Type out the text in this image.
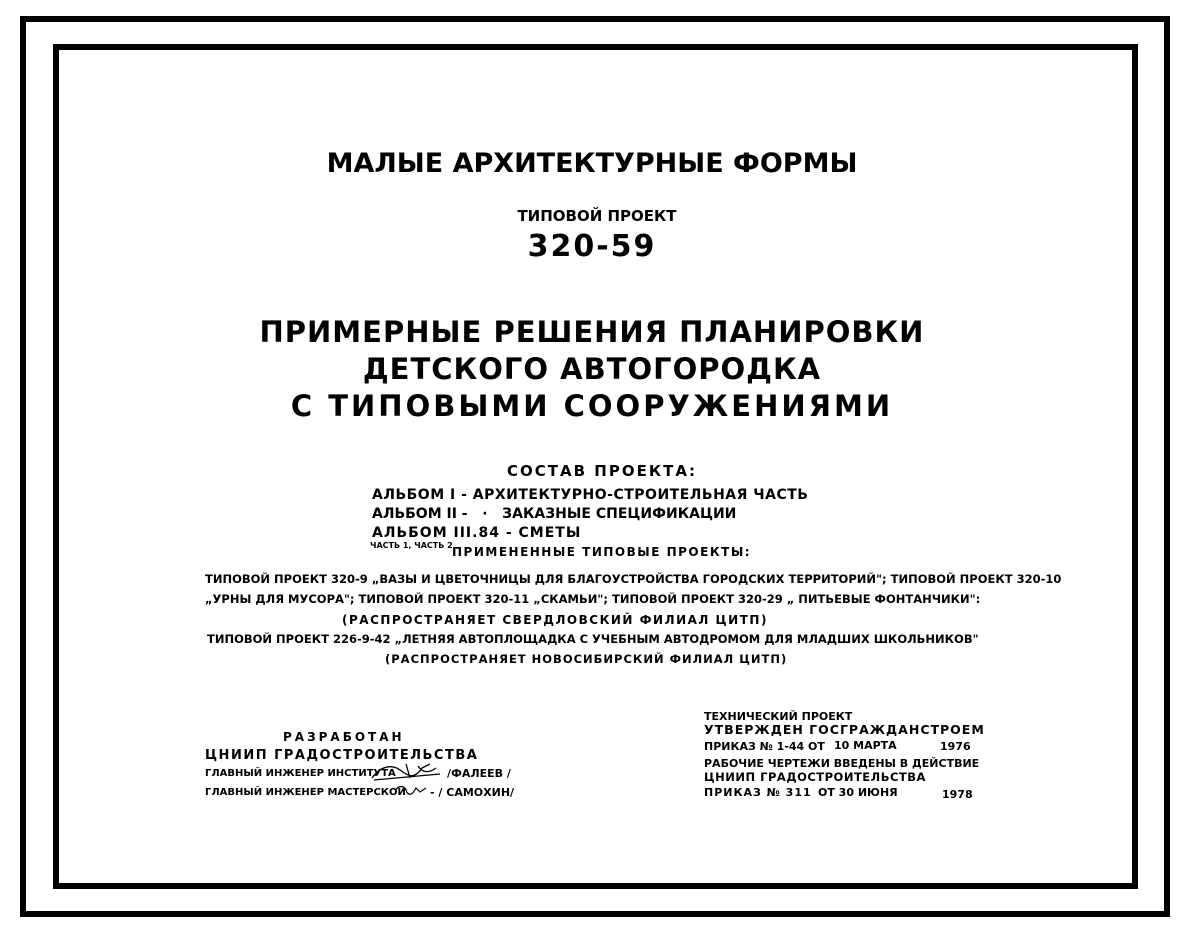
МАЛЫЕ АРХИТЕКТУРНЫЕ ФОРМЫ
ТИПОВОЙ ПРОЕКТ
320-59
ПРИМЕРНЫЕ РЕШЕНИЯ ПЛАНИРОВКИ
ДЕТСКОГО АВТОГОРОДКА
С ТИПОВЫМИ СООРУЖЕНИЯМИ
СОСТАВ ПРОЕКТА:
АЛЬБОМ I - АРХИТЕКТУРНО-СТРОИТЕЛЬНАЯ ЧАСТЬ
АЛЬБОМ II -   ·   ЗАКАЗНЫЕ СПЕЦИФИКАЦИИ
АЛЬБОМ III.84 - СМЕТЫ
ЧАСТЬ 1, ЧАСТЬ 2 ПРИМЕНЕННЫЕ ТИПОВЫЕ ПРОЕКТЫ:
ТИПОВОЙ ПРОЕКТ 320-9 „ВАЗЫ И ЦВЕТОЧНИЦЫ ДЛЯ БЛАГОУСТРОЙСТВА ГОРОДСКИХ ТЕРРИТОРИЙ"; ТИПОВОЙ ПРОЕКТ 320-10
„УРНЫ ДЛЯ МУСОРА"; ТИПОВОЙ ПРОЕКТ 320-11 „СКАМЬИ"; ТИПОВОЙ ПРОЕКТ 320-29 „ ПИТЬЕВЫЕ ФОНТАНЧИКИ":
(РАСПРОСТРАНЯЕТ СВЕРДЛОВСКИЙ ФИЛИАЛ ЦИТП)
ТИПОВОЙ ПРОЕКТ 226-9-42 „ЛЕТНЯЯ АВТОПЛОЩАДКА С УЧЕБНЫМ АВТОДРОМОМ ДЛЯ МЛАДШИХ ШКОЛЬНИКОВ"
(РАСПРОСТРАНЯЕТ НОВОСИБИРСКИЙ ФИЛИАЛ ЦИТП)
РАЗРАБОТАН
ЦНИИП ГРАДОСТРОИТЕЛЬСТВА
ГЛАВНЫЙ ИНЖЕНЕР ИНСТИТУТА	/ФАЛЕЕВ /
ГЛАВНЫЙ ИНЖЕНЕР МАСТЕРСКОЙ - / САМОХИН/
ТЕХНИЧЕСКИЙ ПРОЕКТ
УТВЕРЖДЕН ГОСГРАЖДАНСТРОЕМ
ПРИКАЗ № 1-44 ОТ 10 МАРТА	1976
РАБОЧИЕ ЧЕРТЕЖИ ВВЕДЕНЫ В ДЕЙСТВИЕ
ЦНИИП ГРАДОСТРОИТЕЛЬСТВА
ПРИКАЗ № 311 ОТ 30 ИЮНЯ	1978
